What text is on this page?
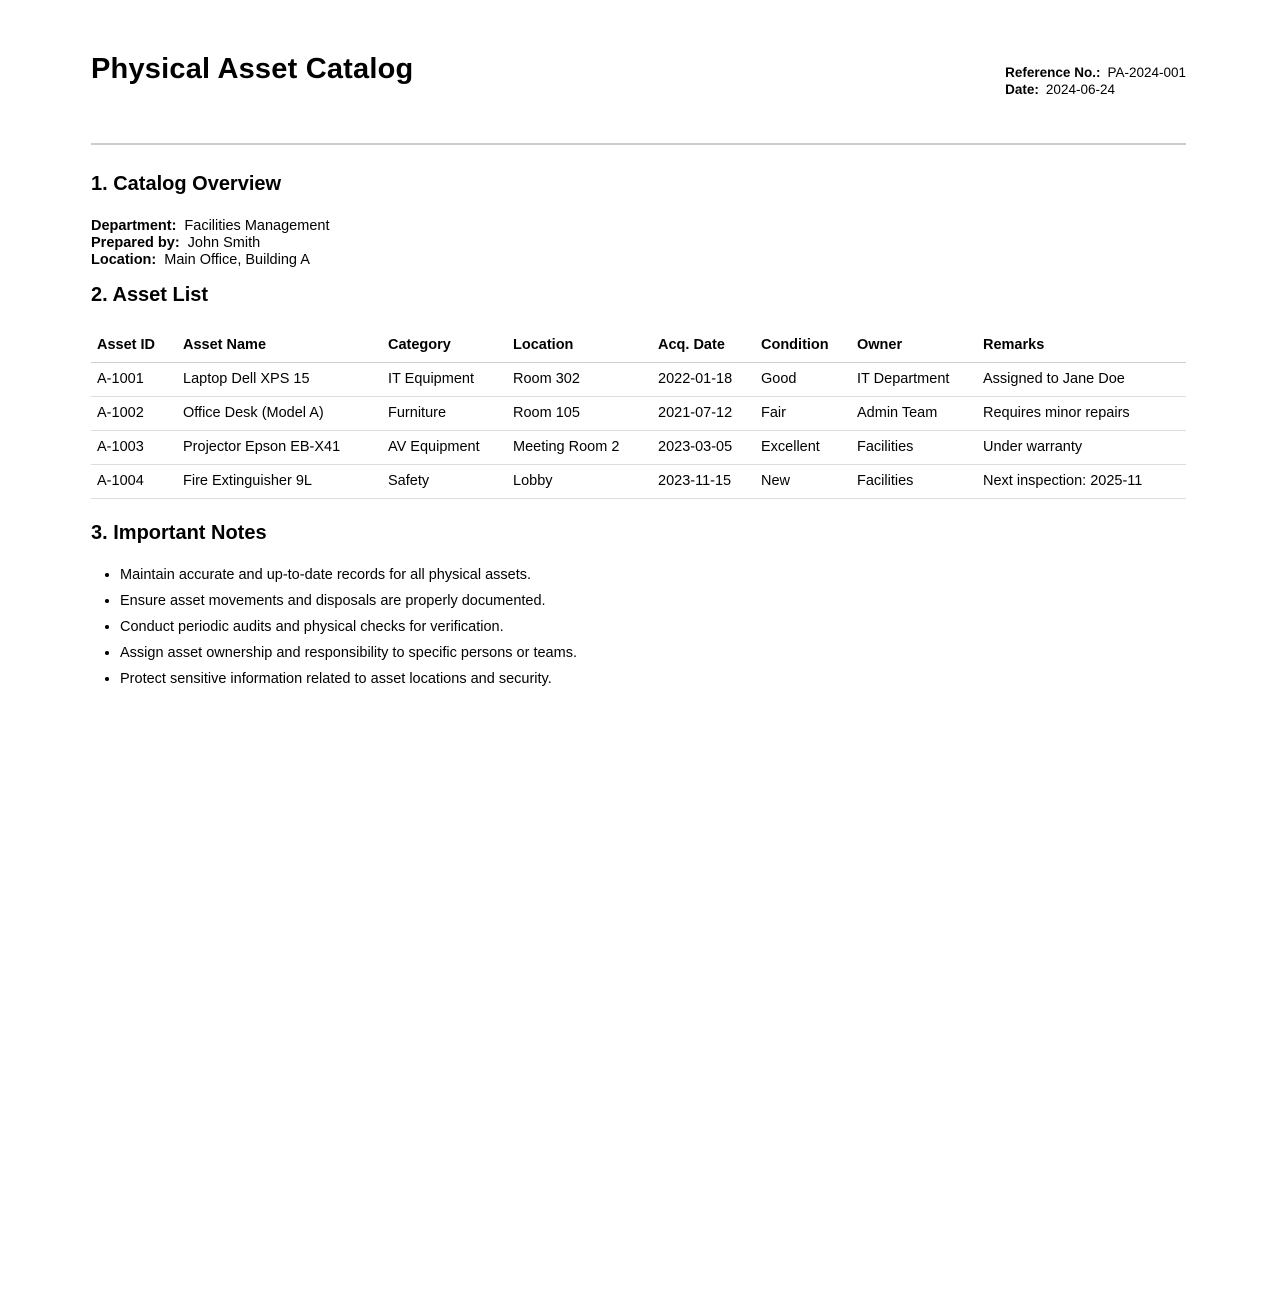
Physical Asset Catalog	Reference No.: PA-2024-001
Date: 2024-06-24
1. Catalog Overview
Department: Facilities Management
Prepared by: John Smith
Location: Main Office, Building A
2. Asset List
Asset ID	Asset Name	Category	Location	Acq. Date	Condition	Owner	Remarks
A-1001	Laptop Dell XPS 15	IT Equipment	Room 302	2022-01-18	Good	IT Department	Assigned to Jane Doe
A-1002	Office Desk (Model A)	Furniture	Room 105	2021-07-12	Fair	Admin Team	Requires minor repairs
A-1003	Projector Epson EB-X41	AV Equipment	Meeting Room 2	2023-03-05	Excellent	Facilities	Under warranty
A-1004	Fire Extinguisher 9L	Safety	Lobby	2023-11-15	New	Facilities	Next inspection: 2025-11
3. Important Notes
• Maintain accurate and up-to-date records for all physical assets.
• Ensure asset movements and disposals are properly documented.
• Conduct periodic audits and physical checks for verification.
• Assign asset ownership and responsibility to specific persons or teams.
• Protect sensitive information related to asset locations and security.
